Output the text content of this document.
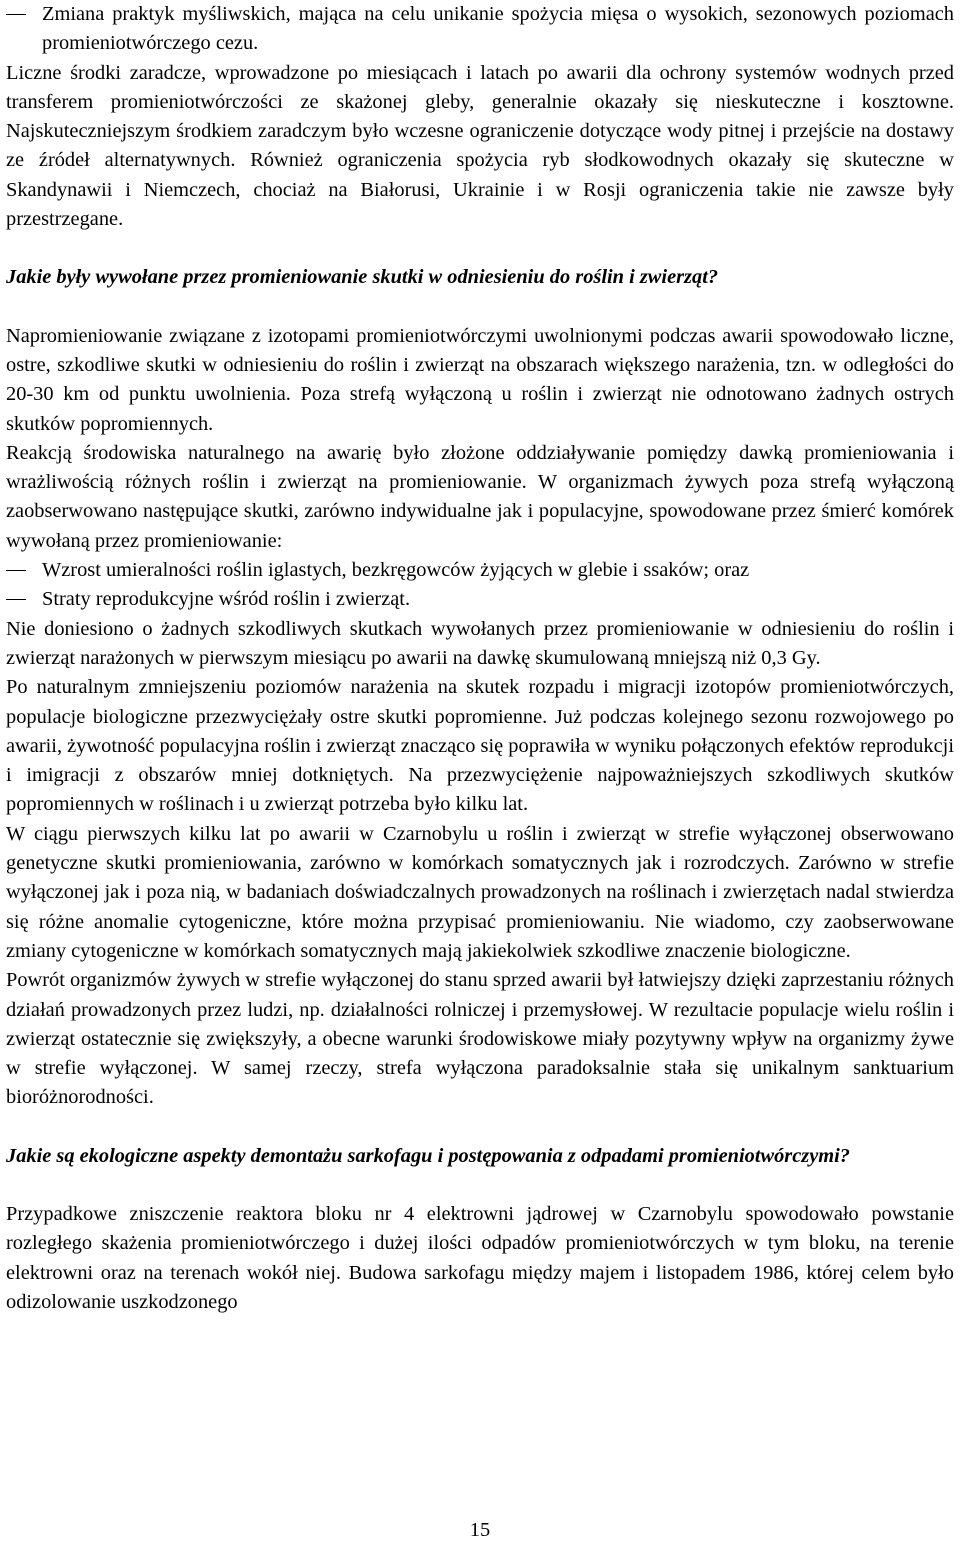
Zmiana praktyk myśliwskich, mająca na celu unikanie spożycia mięsa o wysokich, sezonowych poziomach promieniotwórczego cezu.

Liczne środki zaradcze, wprowadzone po miesiącach i latach po awarii dla ochrony systemów wodnych przed transferem promieniotwórczości ze skażonej gleby, generalnie okazały się nieskuteczne i kosztowne. Najskuteczniejszym środkiem zaradczym było wczesne ograniczenie dotyczące wody pitnej i przejście na dostawy ze źródeł alternatywnych. Również ograniczenia spożycia ryb słodkowodnych okazały się skuteczne w Skandynawii i Niemczech, chociaż na Białorusi, Ukrainie i w Rosji ograniczenia takie nie zawsze były przestrzegane.

Jakie były wywołane przez promieniowanie skutki w odniesieniu do roślin i zwierząt?

Napromieniowanie związane z izotopami promieniotwórczymi uwolnionymi podczas awarii spowodowało liczne, ostre, szkodliwe skutki w odniesieniu do roślin i zwierząt na obszarach większego narażenia, tzn. w odległości do 20-30 km od punktu uwolnienia. Poza strefą wyłączoną u roślin i zwierząt nie odnotowano żadnych ostrych skutków popromiennych.

Reakcją środowiska naturalnego na awarię było złożone oddziaływanie pomiędzy dawką promieniowania i wrażliwością różnych roślin i zwierząt na promieniowanie. W organizmach żywych poza strefą wyłączoną zaobserwowano następujące skutki, zarówno indywidualne jak i populacyjne, spowodowane przez śmierć komórek wywołaną przez promieniowanie:

Wzrost umieralności roślin iglastych, bezkręgowców żyjących w glebie i ssaków; oraz
Straty reprodukcyjne wśród roślin i zwierząt.

Nie doniesiono o żadnych szkodliwych skutkach wywołanych przez promieniowanie w odniesieniu do roślin i zwierząt narażonych w pierwszym miesiącu po awarii na dawkę skumulowaną mniejszą niż 0,3 Gy.

Po naturalnym zmniejszeniu poziomów narażenia na skutek rozpadu i migracji izotopów promieniotwórczych, populacje biologiczne przezwyciężały ostre skutki popromienne. Już podczas kolejnego sezonu rozwojowego po awarii, żywotność populacyjna roślin i zwierząt znacząco się poprawiła w wyniku połączonych efektów reprodukcji i imigracji z obszarów mniej dotkniętych. Na przezwyciężenie najpoważniejszych szkodliwych skutków popromiennych w roślinach i u zwierząt potrzeba było kilku lat.

W ciągu pierwszych kilku lat po awarii w Czarnobylu u roślin i zwierząt w strefie wyłączonej obserwowano genetyczne skutki promieniowania, zarówno w komórkach somatycznych jak i rozrodczych. Zarówno w strefie wyłączonej jak i poza nią, w badaniach doświadczalnych prowadzonych na roślinach i zwierzętach nadal stwierdza się różne anomalie cytogeniczne, które można przypisać promieniowaniu. Nie wiadomo, czy zaobserwowane zmiany cytogeniczne w komórkach somatycznych mają jakiekolwiek szkodliwe znaczenie biologiczne.

Powrót organizmów żywych w strefie wyłączonej do stanu sprzed awarii był łatwiejszy dzięki zaprzestaniu różnych działań prowadzonych przez ludzi, np. działalności rolniczej i przemysłowej. W rezultacie populacje wielu roślin i zwierząt ostatecznie się zwiększyły, a obecne warunki środowiskowe miały pozytywny wpływ na organizmy żywe w strefie wyłączonej. W samej rzeczy, strefa wyłączona paradoksalnie stała się unikalnym sanktuarium bioróżnorodności.

Jakie są ekologiczne aspekty demontażu sarkofagu i postępowania z odpadami promieniotwórczymi?

Przypadkowe zniszczenie reaktora bloku nr 4 elektrowni jądrowej w Czarnobylu spowodowało powstanie rozległego skażenia promieniotwórczego i dużej ilości odpadów promieniotwórczych w tym bloku, na terenie elektrowni oraz na terenach wokół niej. Budowa sarkofagu między majem i listopadem 1986, której celem było odizolowanie uszkodzonego

15
